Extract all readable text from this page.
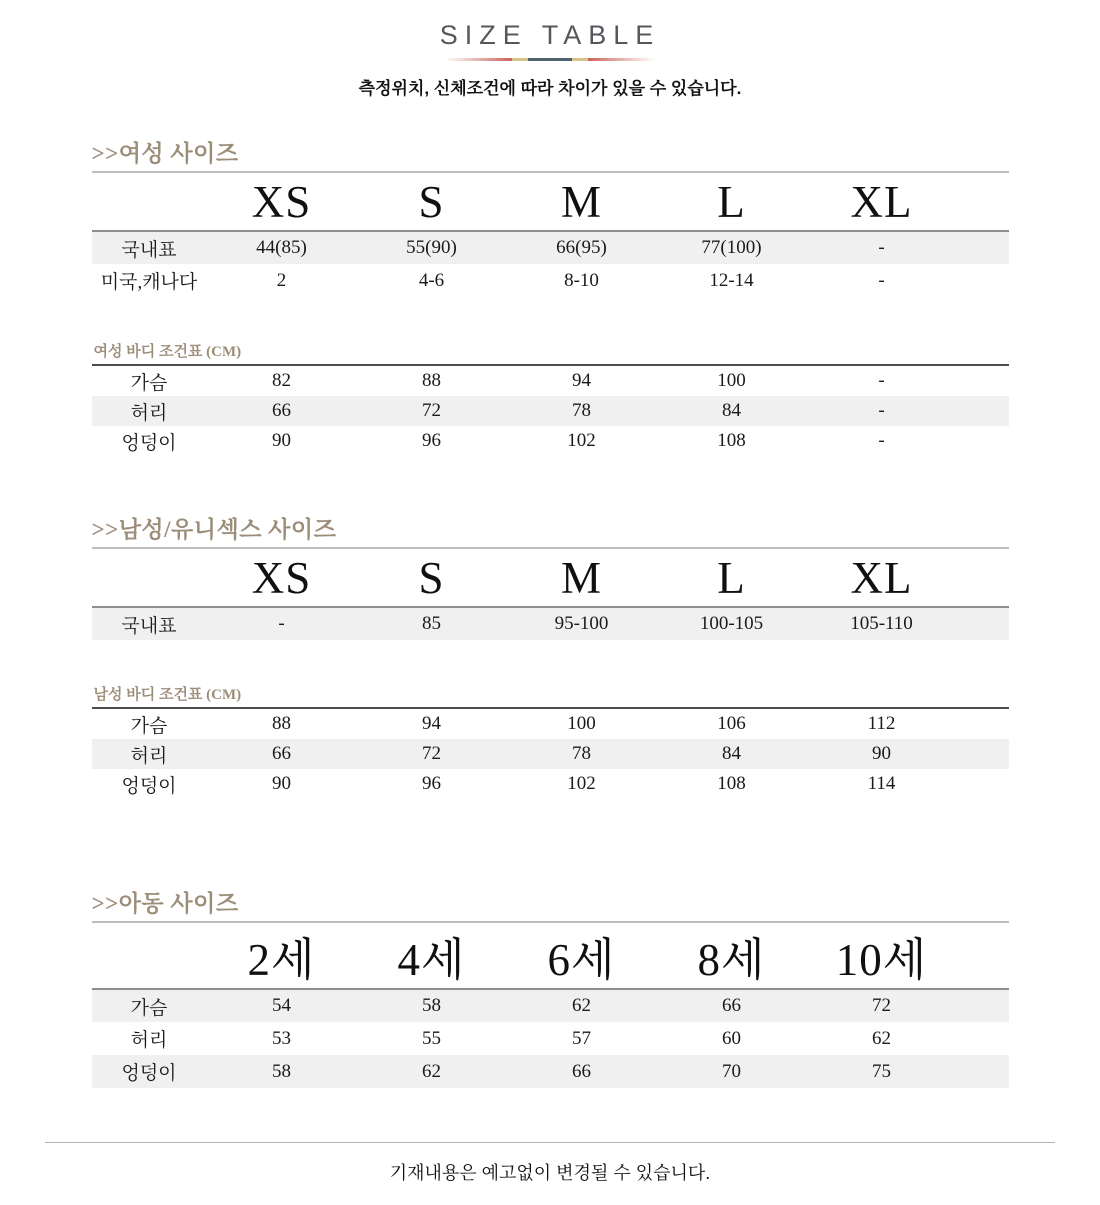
SIZE TABLE
측정위치, 신체조건에 따라 차이가 있을 수 있습니다.
>>여성 사이즈
	XS	S	M	L	XL	
국내표	44(85)	55(90)	66(95)	77(100)	-	
미국,캐나다	2	4-6	8-10	12-14	-	
여성 바디 조건표 (CM)
가슴	82	88	94	100	-	
허리	66	72	78	84	-	
엉덩이	90	96	102	108	-	
>>남성/유니섹스 사이즈
	XS	S	M	L	XL	
국내표	-	85	95-100	100-105	105-110	
남성 바디 조건표 (CM)
가슴	88	94	100	106	112	
허리	66	72	78	84	90	
엉덩이	90	96	102	108	114	
>>아동 사이즈
	2세	4세	6세	8세	10세	
가슴	54	58	62	66	72	
허리	53	55	57	60	62	
엉덩이	58	62	66	70	75	
기재내용은 예고없이 변경될 수 있습니다.
